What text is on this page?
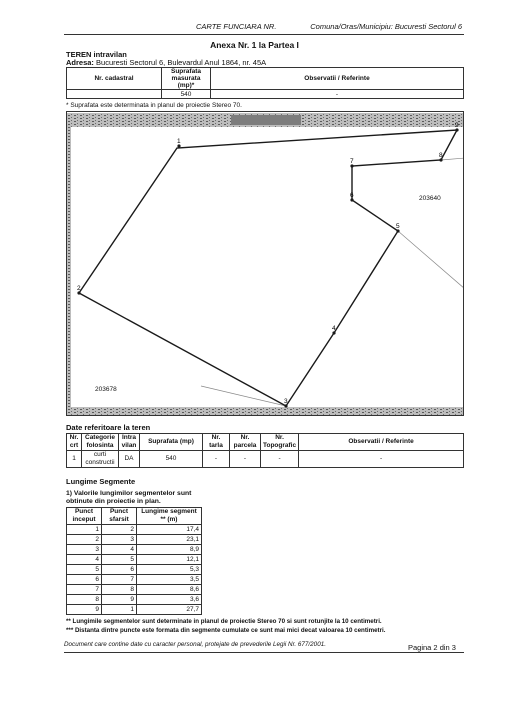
CARTE FUNCIARA NR.	Comuna/Oras/Municipiu: Bucuresti Sectorul 6
Anexa Nr. 1 la Partea I
TEREN intravilan
Adresa: Bucuresti Sectorul 6, Bulevardul Anul 1864, nr. 45A
Nr. cadastral	Suprafata masurata (mp)*	Observatii / Referinte
	540	-
* Suprafata este determinata in planul de proiectie Stereo 70.
1
2
3
4
5
6
7
8
9
203640
203678
Date referitoare la teren
Nr. crt	Categorie folosinta	Intra vilan	Suprafata (mp)	Nr. tarla	Nr. parcela	Nr. Topografic	Observatii / Referinte
1	curti constructii	DA	540	-	-	-	-
Lungime Segmente
1) Valorile lungimilor segmentelor sunt obtinute din proiectie in plan.
Punct inceput	Punct sfarsit	Lungime segment ** (m)
1	2	17,4
2	3	23,1
3	4	8,9
4	5	12,1
5	6	5,3
6	7	3,5
7	8	8,6
8	9	3,6
9	1	27,7
** Lungimile segmentelor sunt determinate in planul de proiectie Stereo 70 si sunt rotunjite la 10 centimetri.
*** Distanta dintre puncte este formata din segmente cumulate ce sunt mai mici decat valoarea 10 centimetri.
Document care contine date cu caracter personal, protejate de prevederile Legii Nr. 677/2001.	Pagina 2 din 3
